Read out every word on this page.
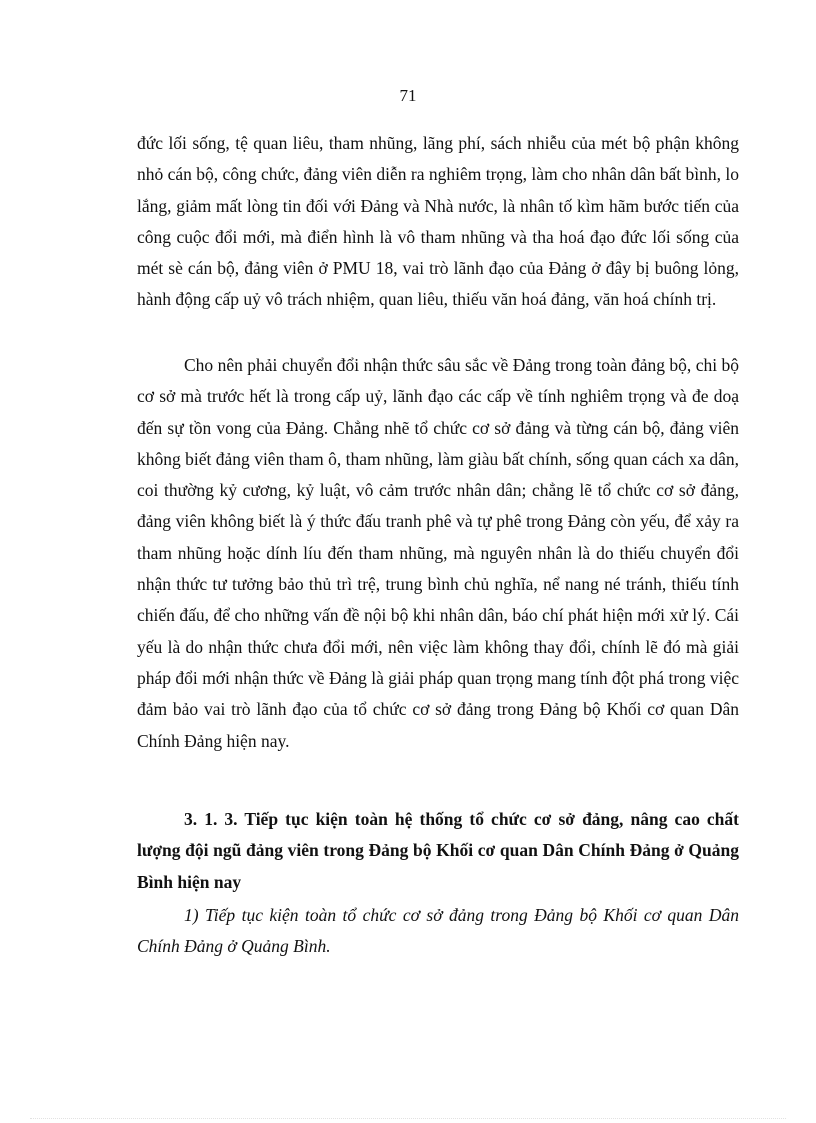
71

đức lối sống, tệ quan liêu, tham nhũng, lãng phí, sách nhiễu của mét bộ phận không nhỏ cán bộ, công chức, đảng viên diễn ra nghiêm trọng, làm cho nhân dân bất bình, lo lắng, giảm mất lòng tin đối với Đảng và Nhà nước, là nhân tố kìm hãm bước tiến của công cuộc đổi mới, mà điển hình là vô tham nhũng và tha hoá đạo đức lối sống của mét sè cán bộ, đảng viên ở PMU 18, vai trò lãnh đạo của Đảng ở đây bị buông lỏng, hành động cấp uỷ vô trách nhiệm, quan liêu, thiếu văn hoá đảng, văn hoá chính trị.

Cho nên phải chuyển đổi nhận thức sâu sắc về Đảng trong toàn đảng bộ, chi bộ cơ sở mà trước hết là trong cấp uỷ, lãnh đạo các cấp về tính nghiêm trọng và đe doạ đến sự tồn vong của Đảng. Chẳng nhẽ tổ chức cơ sở đảng và từng cán bộ, đảng viên không biết đảng viên tham ô, tham nhũng, làm giàu bất chính, sống quan cách xa dân, coi thường kỷ cương, kỷ luật, vô cảm trước nhân dân; chẳng lẽ tổ chức cơ sở đảng, đảng viên không biết là ý thức đấu tranh phê và tự phê trong Đảng còn yếu, để xảy ra tham nhũng hoặc dính líu đến tham nhũng, mà nguyên nhân là do thiếu chuyển đổi nhận thức tư tưởng bảo thủ trì trệ, trung bình chủ nghĩa, nể nang né tránh, thiếu tính chiến đấu, để cho những vấn đề nội bộ khi nhân dân, báo chí phát hiện mới xử lý. Cái yếu là do nhận thức chưa đổi mới, nên việc làm không thay đổi, chính lẽ đó mà giải pháp đổi mới nhận thức về Đảng là giải pháp quan trọng mang tính đột phá trong việc đảm bảo vai trò lãnh đạo của tổ chức cơ sở đảng trong Đảng bộ Khối cơ quan Dân Chính Đảng hiện nay.

3. 1. 3. Tiếp tục kiện toàn hệ thống tổ chức cơ sở đảng, nâng cao chất lượng đội ngũ đảng viên trong Đảng bộ Khối cơ quan Dân Chính Đảng ở Quảng Bình hiện nay

1) Tiếp tục kiện toàn tổ chức cơ sở đảng trong Đảng bộ Khối cơ quan Dân Chính Đảng ở Quảng Bình.
